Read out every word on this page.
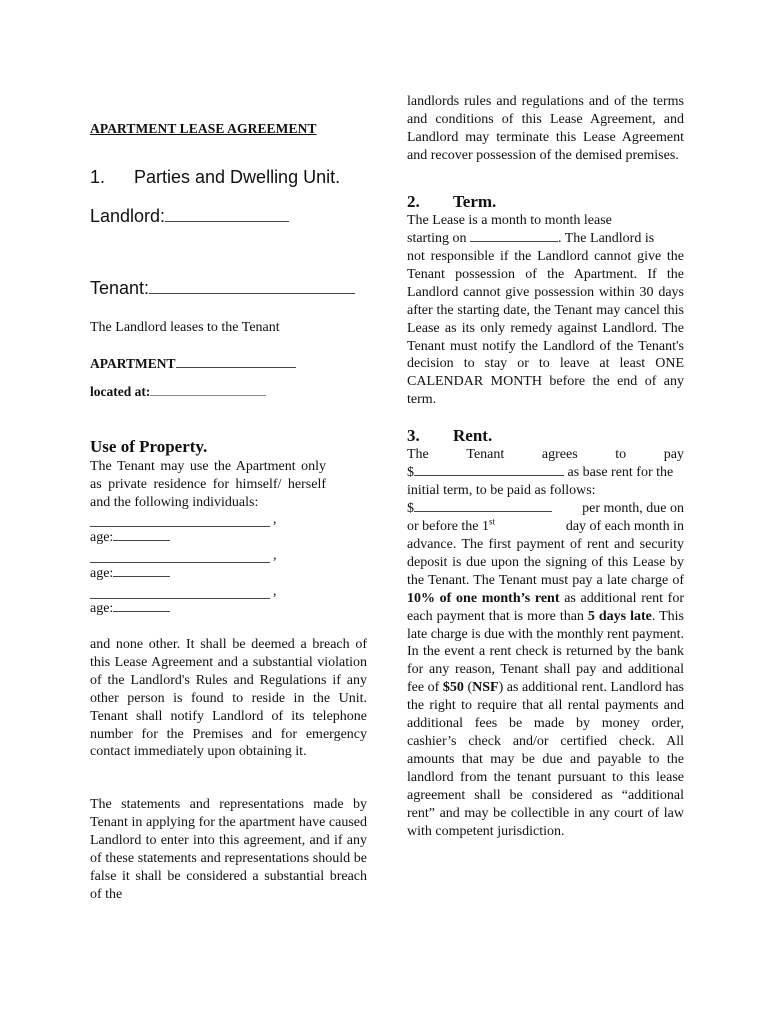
APARTMENT LEASE AGREEMENT
1. Parties and Dwelling Unit.
Landlord:
Tenant:
The Landlord leases to the Tenant
APARTMENT
located at:
Use of Property.

The Tenant may use the Apartment only as private residence for himself/ herself and the following individuals:

,
age:
,
age:
,
age:

and none other. It shall be deemed a breach of this Lease Agreement and a substantial violation of the Landlord's Rules and Regulations if any other person is found to reside in the Unit. Tenant shall notify Landlord of its telephone number for the Premises and for emergency contact immediately upon obtaining it.

The statements and representations made by Tenant in applying for the apartment have caused Landlord to enter into this agreement, and if any of these statements and representations should be false it shall be considered a substantial breach of the

landlords rules and regulations and of the terms and conditions of this Lease Agreement, and Landlord may terminate this Lease Agreement and recover possession of the demised premises.

2. Term.
The Lease is a month to month lease
starting on	. The Landlord is

not responsible if the Landlord cannot give the Tenant possession of the Apartment. If the Landlord cannot give possession within 30 days after the starting date, the Tenant may cancel this Lease as its only remedy against Landlord. The Tenant must notify the Landlord of the Tenant's decision to stay or to leave at least ONE CALENDAR MONTH before the end of any term.

3. Rent.
The	Tenant	agrees	to	pay
$	as base rent for the
initial term, to be paid as follows:
$	per month, due on
or before the 1st	day of each month in

advance. The first payment of rent and security deposit is due upon the signing of this Lease by the Tenant. The Tenant must pay a late charge of 10% of one month’s rent as additional rent for each payment that is more than 5 days late. This late charge is due with the monthly rent payment. In the event a rent check is returned by the bank for any reason, Tenant shall pay and additional fee of $50 (NSF) as additional rent. Landlord has the right to require that all rental payments and additional fees be made by money order, cashier’s check and/or certified check. All amounts that may be due and payable to the landlord from the tenant pursuant to this lease agreement shall be considered as “additional rent” and may be collectible in any court of law with competent jurisdiction.
